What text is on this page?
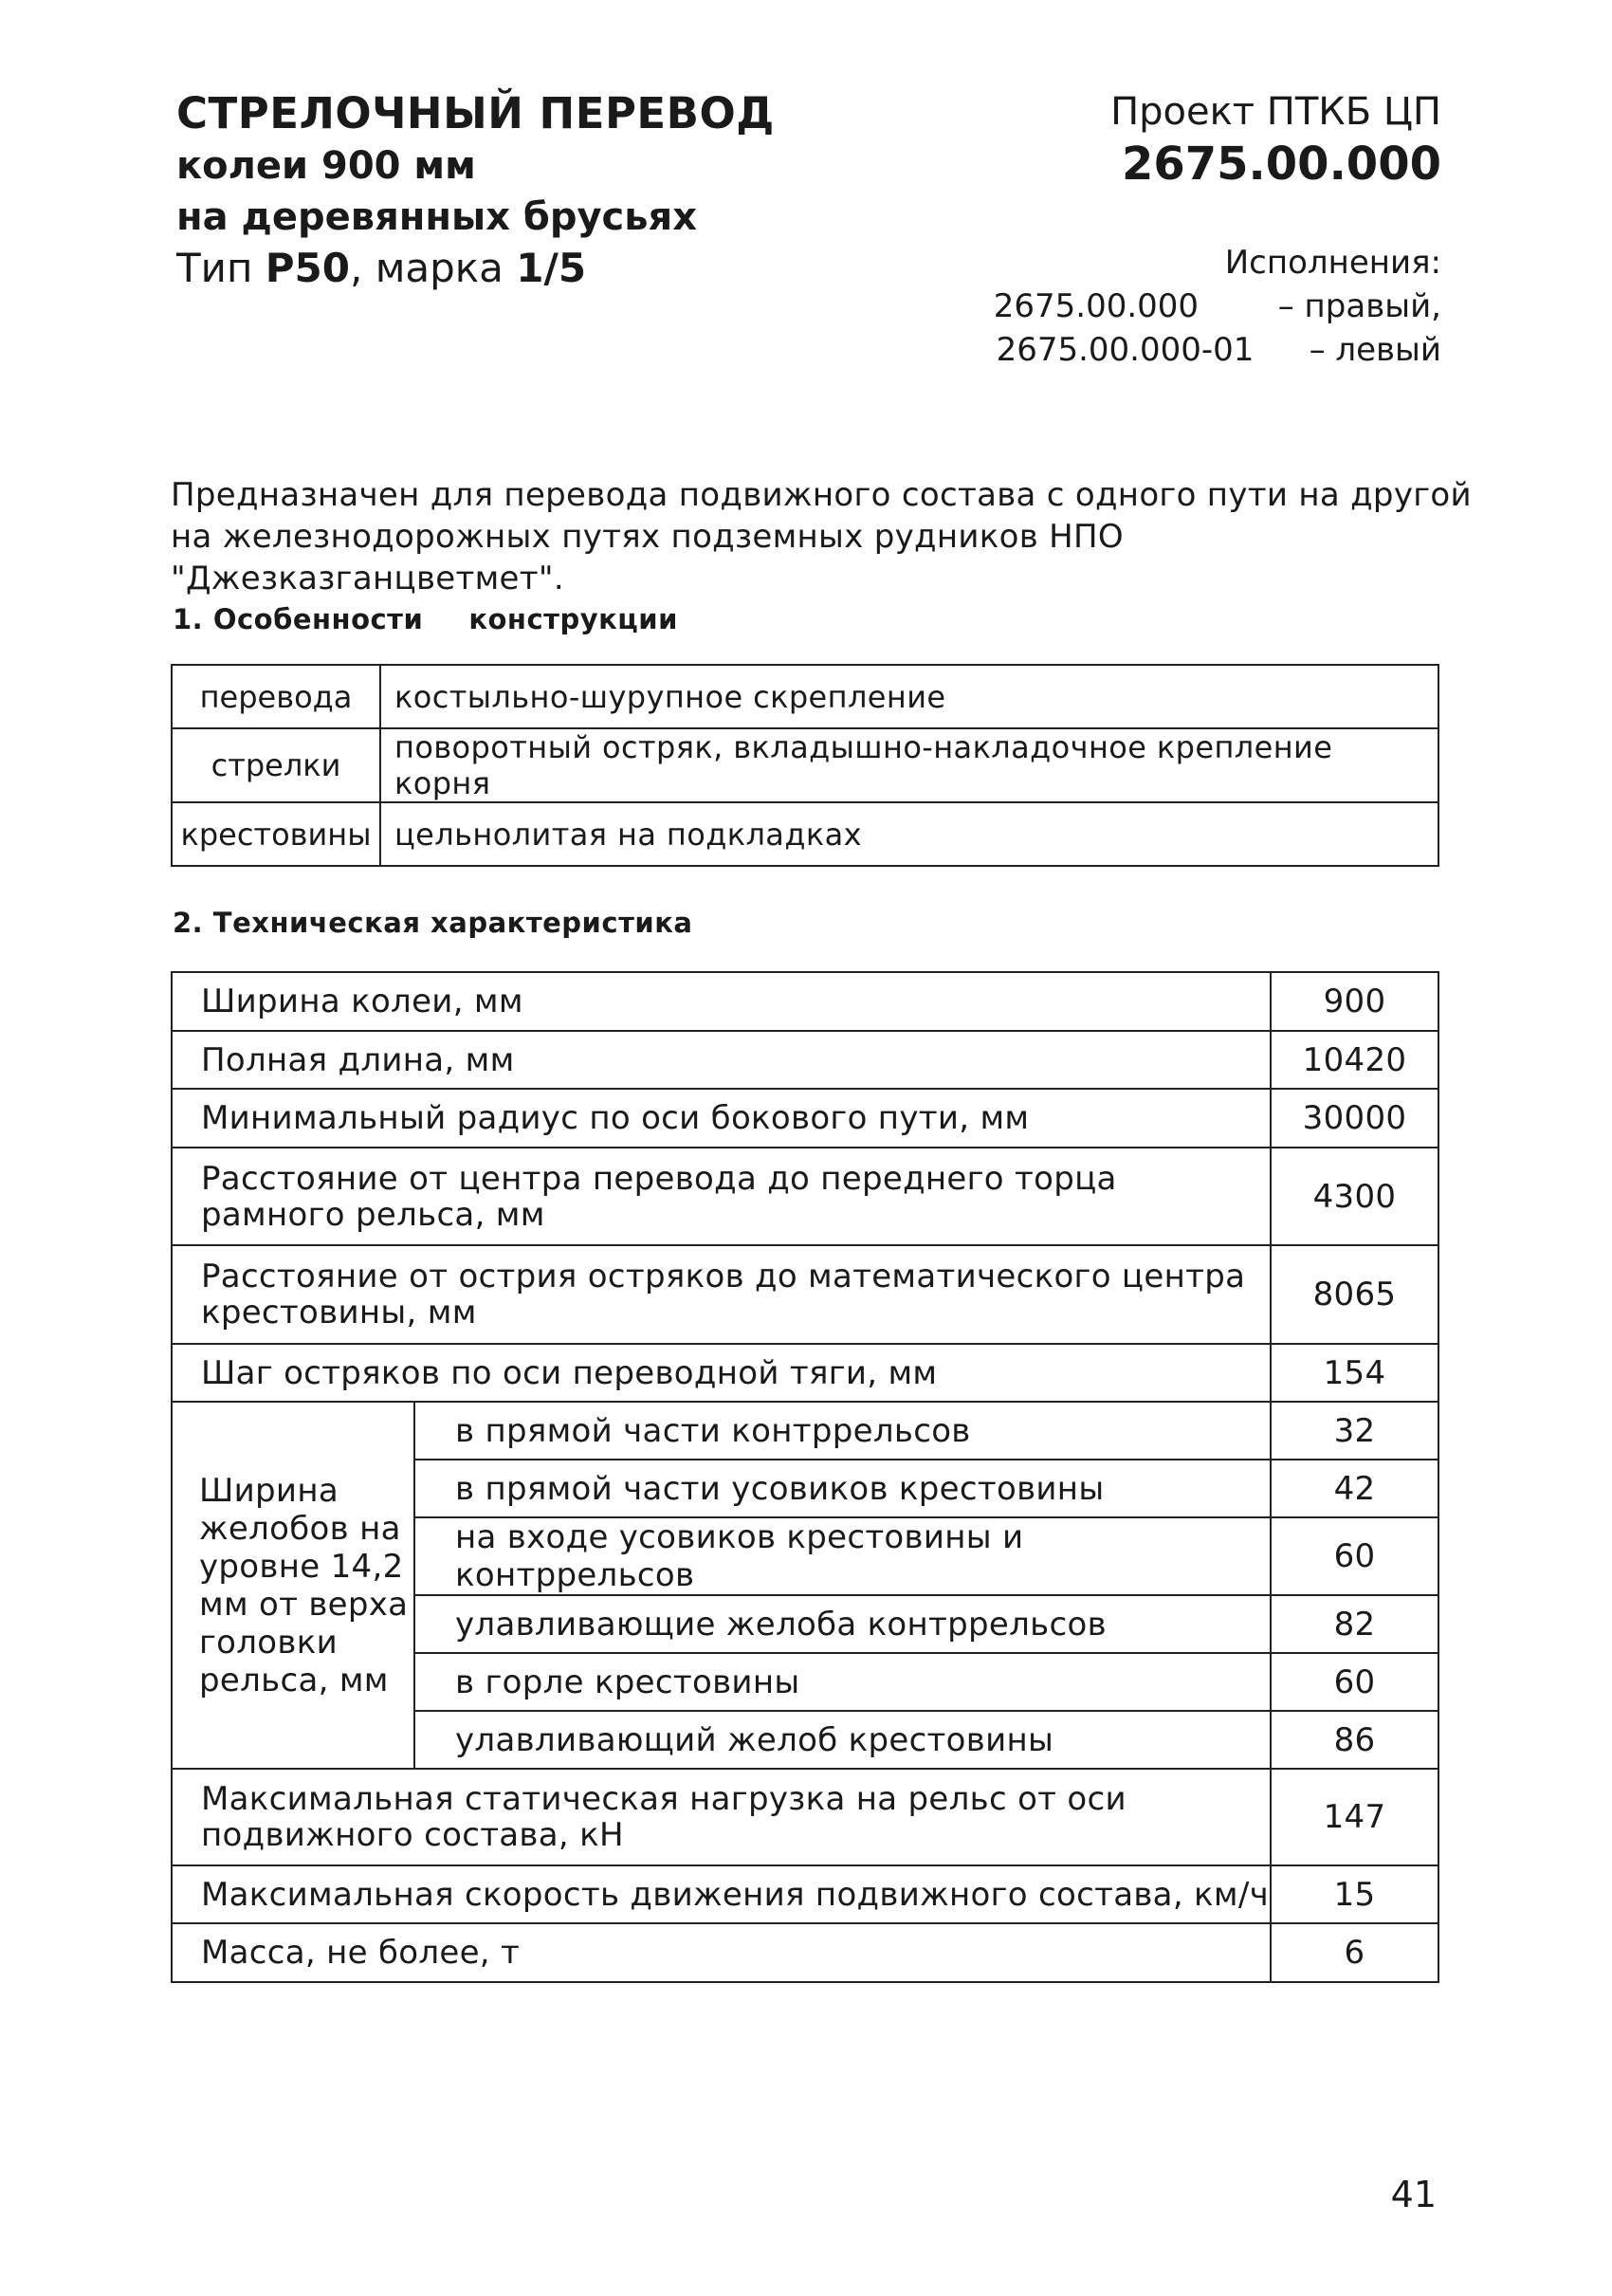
СТРЕЛОЧНЫЙ ПЕРЕВОД
колеи 900 мм
на деревянных брусьях
Тип Р50, марка 1/5
Проект ПТКБ ЦП
2675.00.000
Исполнения:
2675.00.000	– правый,
2675.00.000-01	– левый
Предназначен для перевода подвижного состава с одного пути на другой на железнодорожных путях подземных рудников НПО "Джезказганцветмет".
1. Особенности конструкции
перевода	костыльно-шурупное скрепление
стрелки	поворотный остряк, вкладышно-накладочное крепление корня
крестовины	цельнолитая на подкладках
2. Техническая характеристика
Ширина колеи, мм		900
Полная длина, мм		10420
Минимальный радиус по оси бокового пути, мм		30000
Расстояние от центра перевода до переднего торца рамного рельса, мм		4300
Расстояние от острия остряков до математического центра крестовины, мм		8065
Шаг остряков по оси переводной тяги, мм		154
Ширина желобов на уровне 14,2 мм от верха головки рельса, мм	в прямой части контррельсов	32
	в прямой части усовиков крестовины	42
	на входе усовиков крестовины и контррельсов	60
	улавливающие желоба контррельсов	82
	в горле крестовины	60
	улавливающий желоб крестовины	86
Максимальная статическая нагрузка на рельс от оси подвижного состава, кН		147
Максимальная скорость движения подвижного состава, км/ч		15
Масса, не более, т		6
41
